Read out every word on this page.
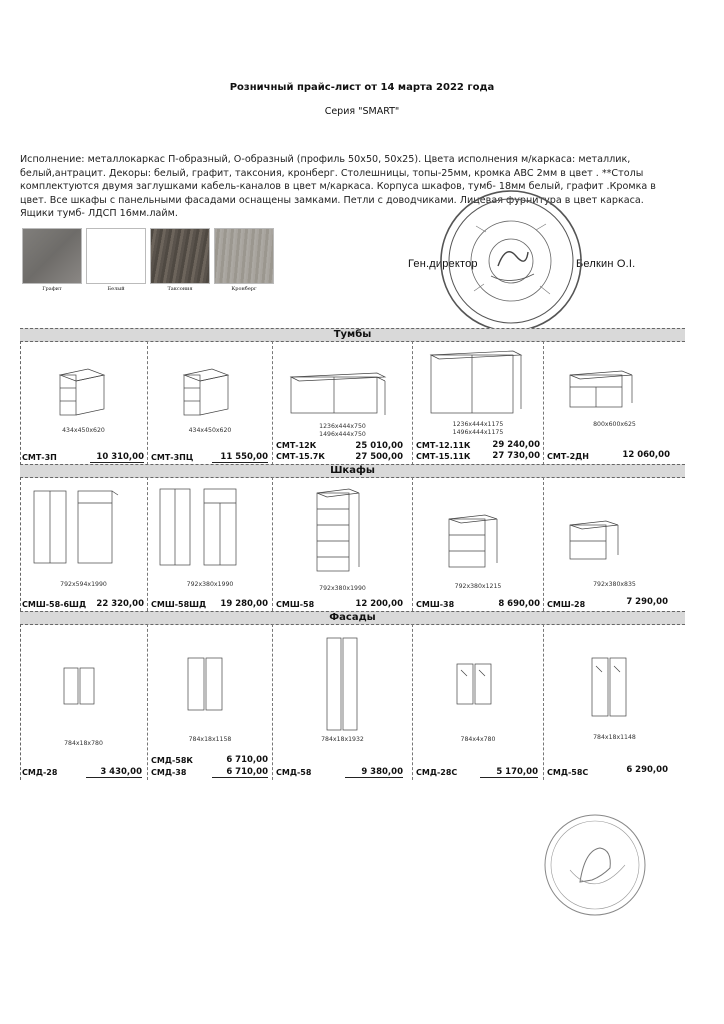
Розничный прайс-лист от 14 марта 2022 года
Серия "SMART"
Исполнение: металлокаркас П-образный, О-образный (профиль 50х50, 50х25). Цвета исполнения м/каркаса: металлик, белый,антрацит. Декоры: белый, графит, таксония, кронберг. Столешницы, топы-25мм, кромка АВС 2мм в цвет . **Столы комплектуются двумя заглушками кабель-каналов в цвет м/каркаса. Корпуса шкафов, тумб- 18мм белый, графит .Кромка в цвет. Все шкафы с панельными фасадами оснащены замками. Петли с доводчиками. Лицевая фурнитура в цвет каркаса. Ящики тумб- ЛДСП 16мм.лайм.
Графит	Белый	Таксония	Кронберг
Ген.директор	Белкин О.І.
Тумбы
434x450x620	434x450x620
1236x444x750
1496x444x750
1236x444x1175
1496x444x1175
800x600x625
СМТ-3П	10 310,00 СМТ-3ПЦ	11 550,00
СМТ-12К	25 010,00
СМТ-15.7К	27 500,00
СМТ-12.11К	29 240,00
СМТ-15.11К	27 730,00 СМТ-2ДН	12 060,00
Шкафы
792x594x1990	792x380x1990
792x380x1990	792x380x1215	792x380x835
СМШ-58-6ШД	22 320,00 СМШ-58ШД	19 280,00 СМШ-58	12 200,00 СМШ-38	8 690,00 СМШ-28	7 290,00
Фасады
784x18x780
784x18x1158	784x18x1932	784x4x780	784x18x1148
СМД-28	3 430,00
СМД-58К	6 710,00
СМД-38	6 710,00 СМД-58	9 380,00 СМД-28С	5 170,00 СМД-58С	6 290,00
